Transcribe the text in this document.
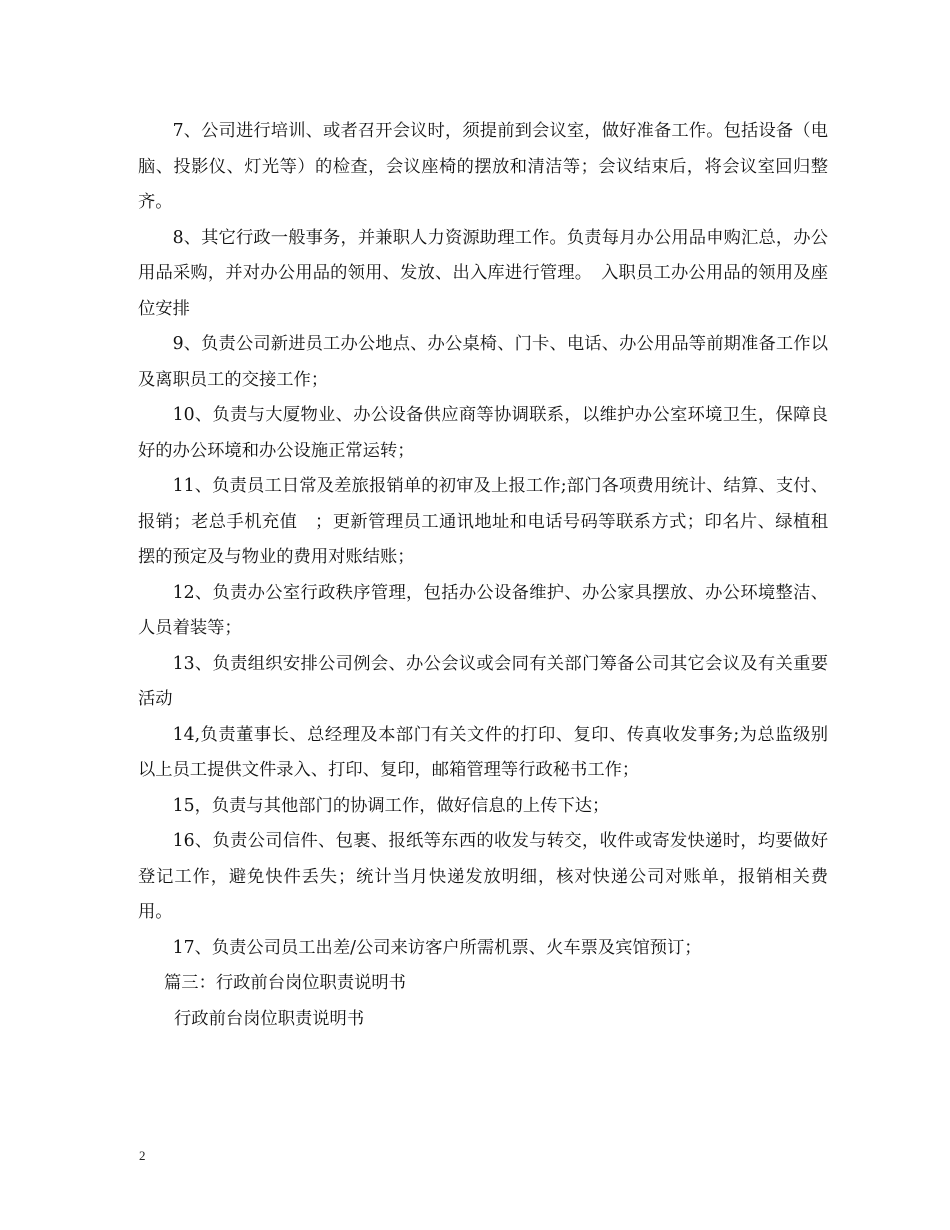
7、公司进行培训、或者召开会议时，须提前到会议室，做好准备工作。包括设备（电脑、投影仪、灯光等）的检查，会议座椅的摆放和清洁等；会议结束后，将会议室回归整齐。

8、其它行政一般事务，并兼职人力资源助理工作。负责每月办公用品申购汇总，办公用品采购，并对办公用品的领用、发放、出入库进行管理。　入职员工办公用品的领用及座位安排

9、负责公司新进员工办公地点、办公桌椅、门卡、电话、办公用品等前期准备工作以及离职员工的交接工作；

10、负责与大厦物业、办公设备供应商等协调联系，以维护办公室环境卫生，保障良好的办公环境和办公设施正常运转；

11、负责员工日常及差旅报销单的初审及上报工作;部门各项费用统计、结算、支付、报销；老总手机充值　；更新管理员工通讯地址和电话号码等联系方式；印名片、绿植租摆的预定及与物业的费用对账结账；

12、负责办公室行政秩序管理，包括办公设备维护、办公家具摆放、办公环境整洁、人员着装等；

13、负责组织安排公司例会、办公会议或会同有关部门筹备公司其它会议及有关重要活动

14,负责董事长、总经理及本部门有关文件的打印、复印、传真收发事务;为总监级别以上员工提供文件录入、打印、复印，邮箱管理等行政秘书工作；

15，负责与其他部门的协调工作，做好信息的上传下达；

16、负责公司信件、包裹、报纸等东西的收发与转交，收件或寄发快递时，均要做好登记工作，避免快件丢失；统计当月快递发放明细，核对快递公司对账单，报销相关费用。

17、负责公司员工出差/公司来访客户所需机票、火车票及宾馆预订；

篇三：行政前台岗位职责说明书

行政前台岗位职责说明书

2
